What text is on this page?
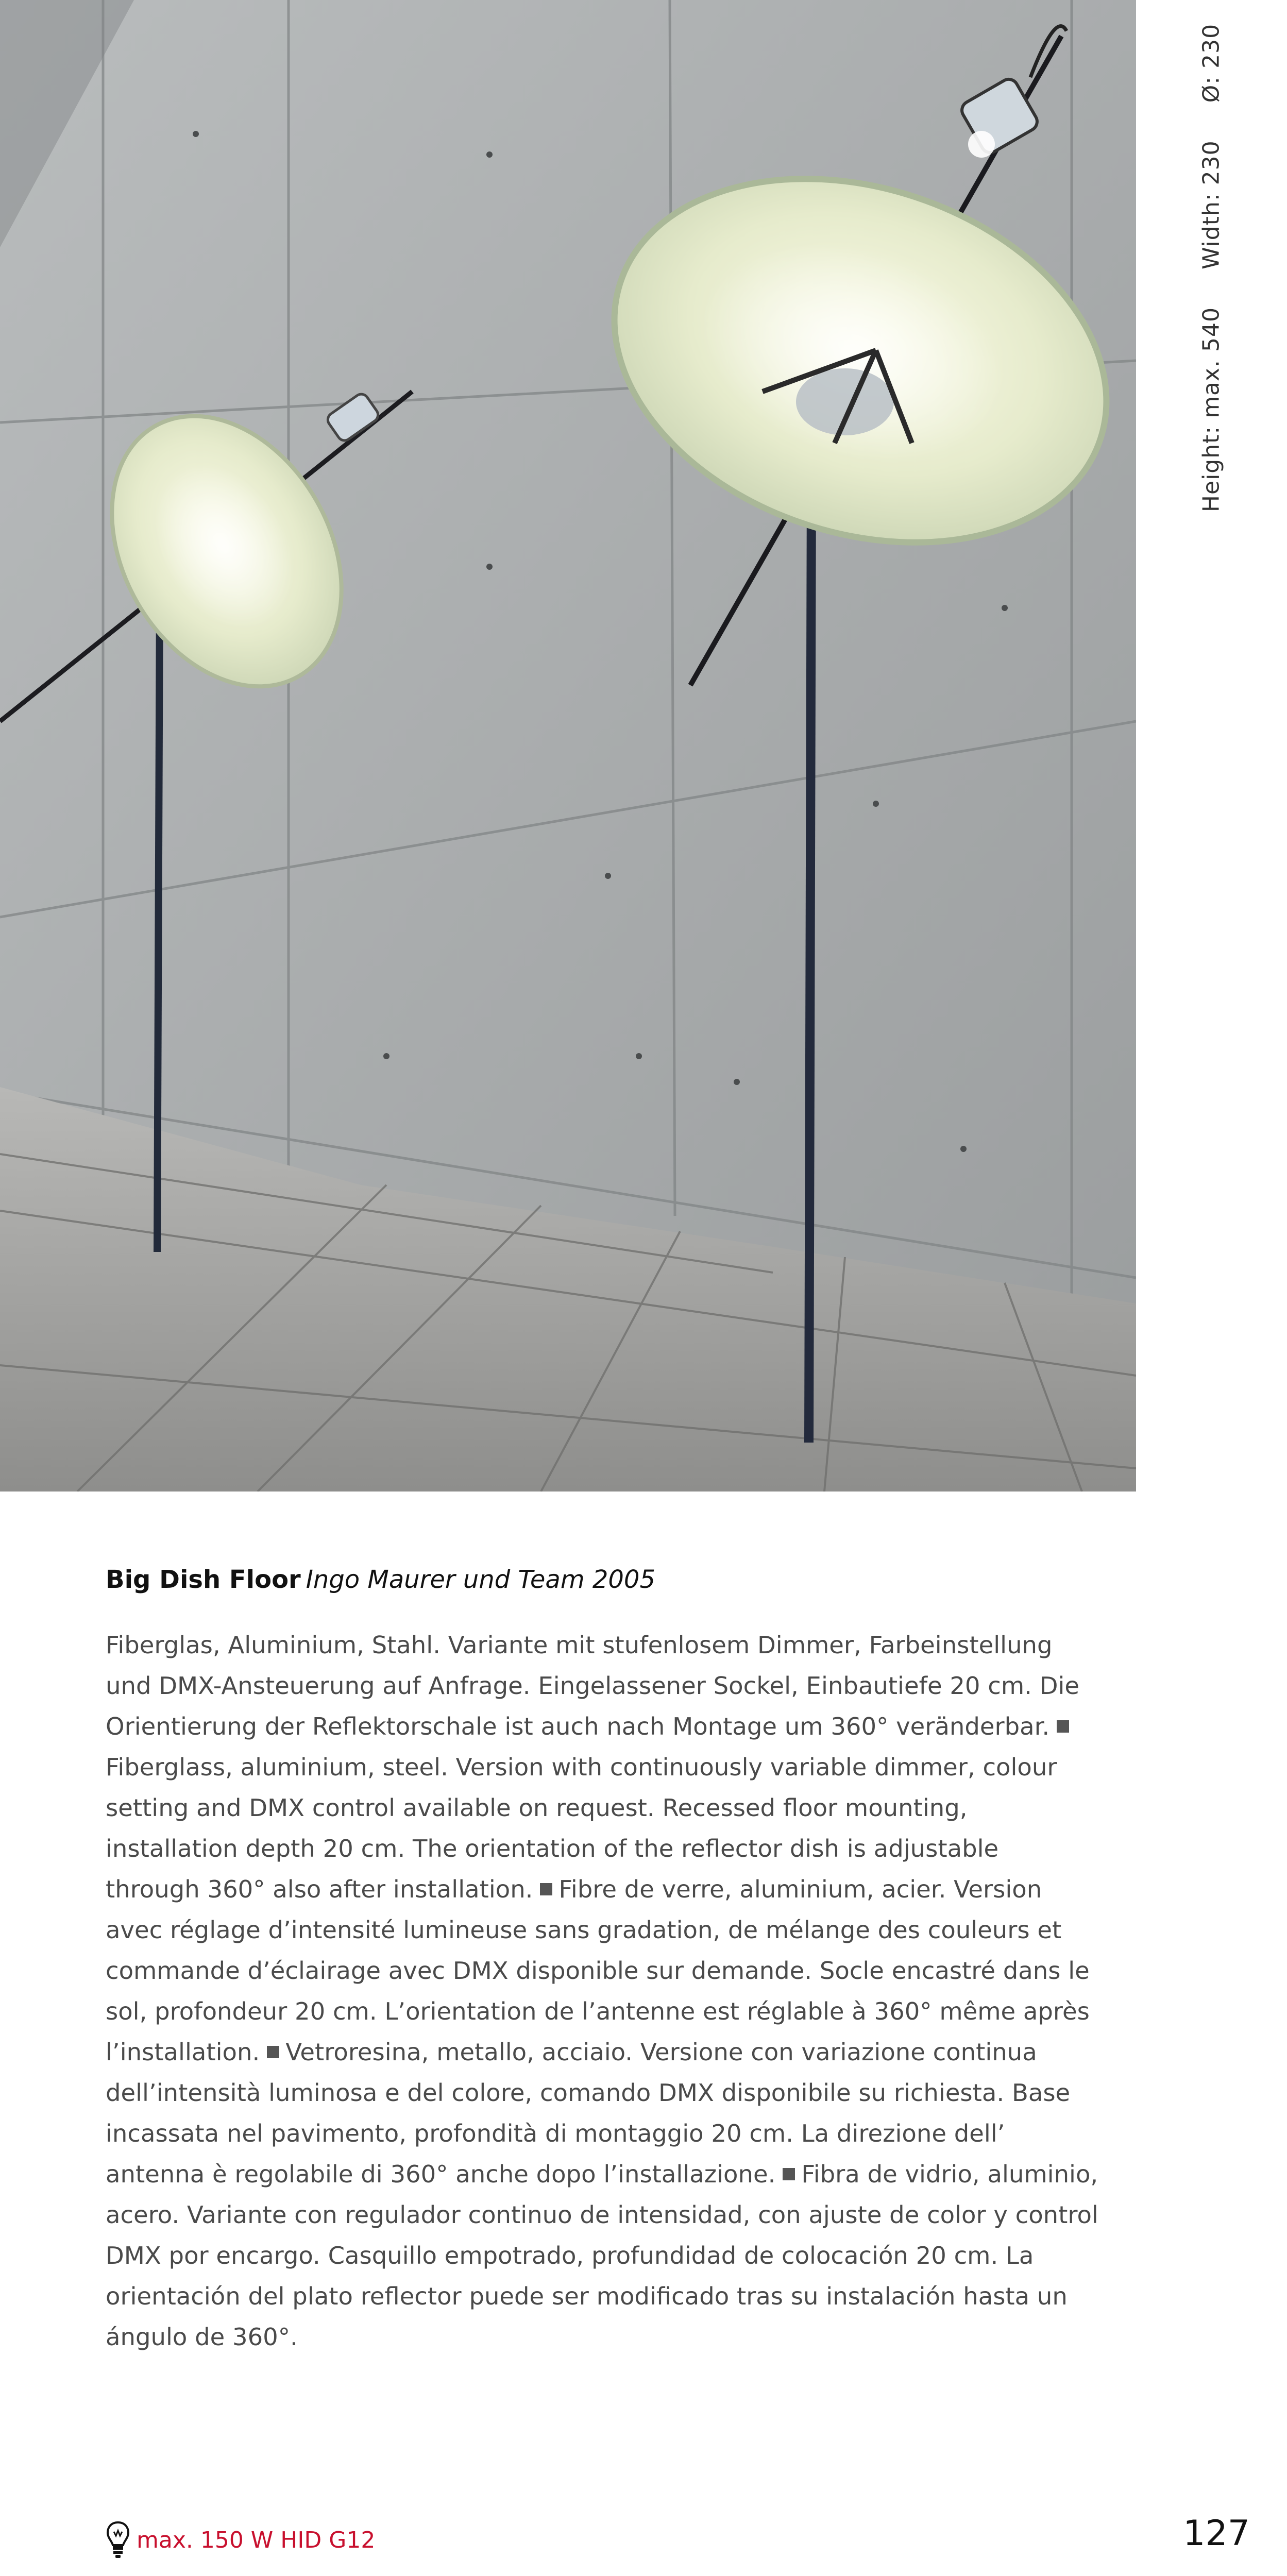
Height: max. 540 Width: 230 Ø: 230
Big Dish Floor Ingo Maurer und Team 2005
Fiberglas, Aluminium, Stahl. Variante mit stufenlosem Dimmer, Farbeinstellung und DMX-Ansteuerung auf Anfrage. Eingelassener Sockel, Einbautiefe 20 cm. Die Orientierung der Reflektorschale ist auch nach Montage um 360° veränderbar.Fiberglass, aluminium, steel. Version with continuously variable dimmer, colour setting and DMX control available on request. Recessed floor mounting, installation depth 20 cm. The orientation of the reflector dish is adjustable through 360° also after installation. Fibre de verre, aluminium, acier. Version avec réglage d’intensité lumineuse sans gradation, de mélange des couleurs et commande d’éclairage avec DMX disponible sur demande. Socle encastré dans le sol, profondeur 20 cm. L’orientation de l’antenne est réglable à 360° même après l’installation. Vetroresina, metallo, acciaio. Versione con variazione continua dell’intensità luminosa e del colore, comando DMX disponibile su richiesta. Base incassata nel pavimento, profondità di montaggio 20 cm. La direzione dell’ antenna è regolabile di 360° anche dopo l’installazione. Fibra de vidrio, aluminio, acero. Variante con regulador continuo de intensidad, con ajuste de color y control DMX por encargo. Casquillo empotrado, profundidad de colocación 20 cm. La orientación del plato reflector puede ser modificado tras su instalación hasta un ángulo de 360°.
max. 150 W HID G12	127
